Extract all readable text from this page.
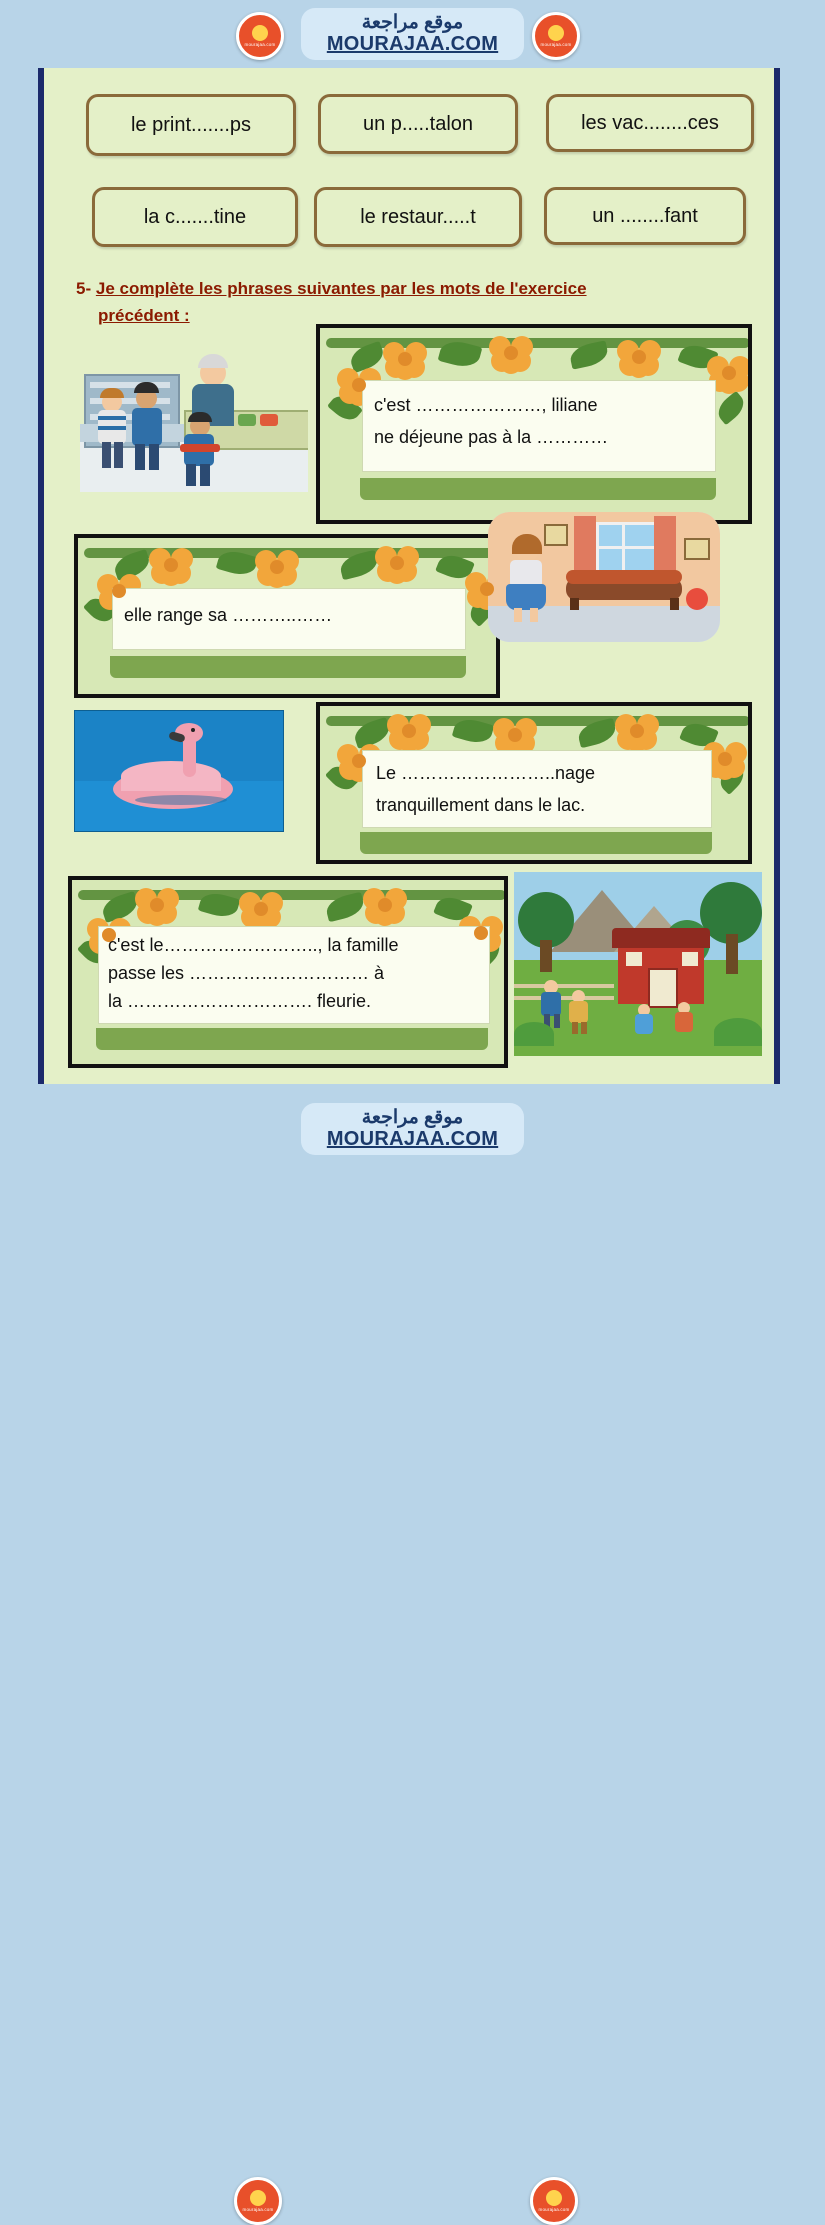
le print.......ps	un p.....talon	les vac........ces
la c.......tine	le restaur.....t	un ........fant
5- Je complète les phrases suivantes par les mots de l'exercice
précédent :
c'est …………………, liliane
ne déjeune pas à la …………
elle range sa ………..……
Le ……………………..nage
tranquillement dans le lac.
c'est le…………………….., la famille
passe les ………………………… à
la …………………………. fleurie.
موقع مراجعة
MOURAJAA.COM
mourajaa.com	mourajaa.com
موقع مراجعة
MOURAJAA.COM
mourajaa.com	mourajaa.com
